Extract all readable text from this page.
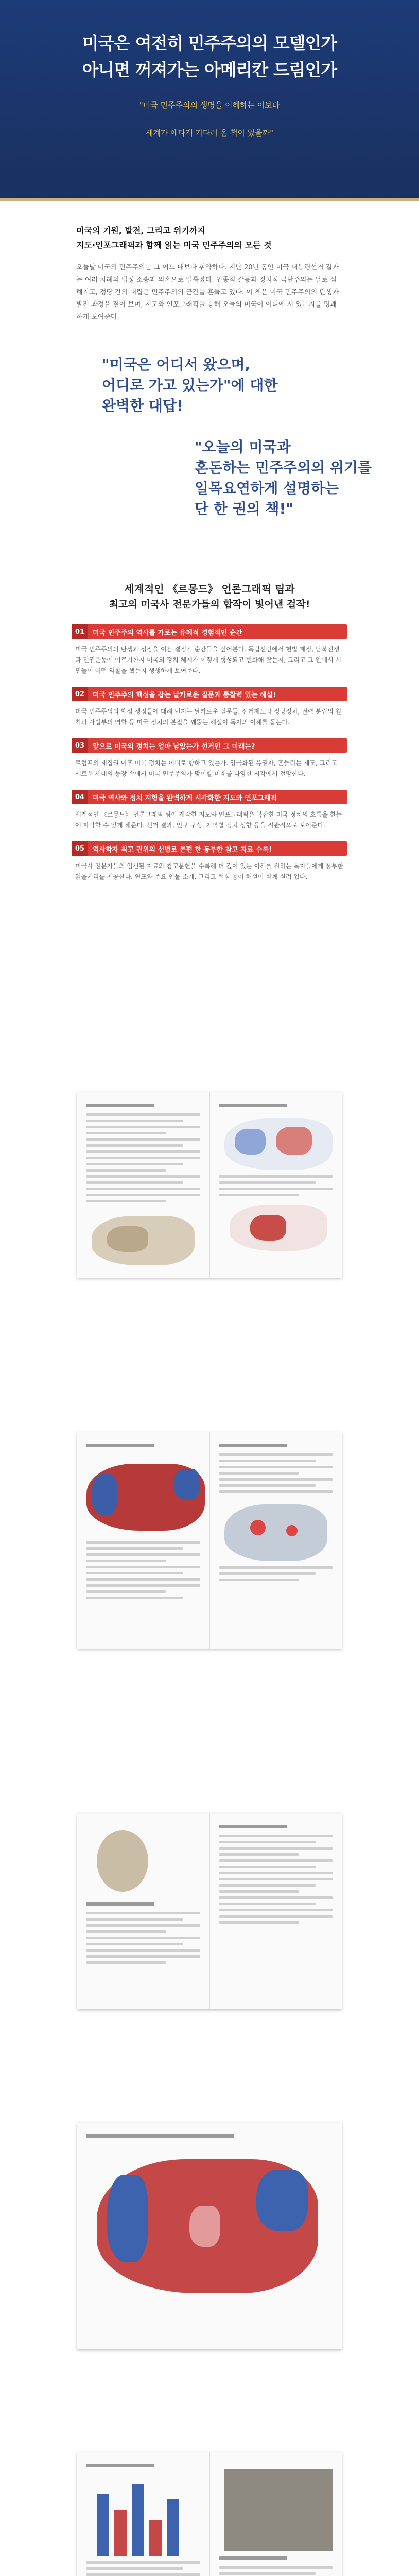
미국은 여전히 민주주의의 모델인가
아니면 꺼져가는 아메리칸 드림인가
"미국 민주주의의 생명을 이해하는 이보다
세계가 애타게 기다려 온 책이 있을까"
미국의 기원, 발전, 그리고 위기까지
지도·인포그래픽과 함께 읽는 미국 민주주의의 모든 것

오늘날 미국의 민주주의는 그 어느 때보다 취약하다. 지난 20년 동안 미국 대통령선거 결과는 여러 차례의 법정 소송과 의혹으로 얼룩졌다. 인종적 갈등과 정치적 극단주의는 날로 심해지고, 정당 간의 대립은 민주주의의 근간을 흔들고 있다. 이 책은 미국 민주주의의 탄생과 발전 과정을 짚어 보며, 지도와 인포그래픽을 통해 오늘의 미국이 어디에 서 있는지를 명쾌하게 보여준다.

"미국은 어디서 왔으며,
어디로 가고 있는가"에 대한
완벽한 대답!
"오늘의 미국과
혼돈하는 민주주의의 위기를
일목요연하게 설명하는
단 한 권의 책!"
세계적인 《르몽드》 언론그래픽 팀과
최고의 미국사 전문가들의 합작이 빛어낸 걸작!
01	미국 민주주의 역사를 가로는 유례적 경험적인 순간

미국 민주주의의 탄생과 성장을 이끈 결정적 순간들을 짚어본다. 독립선언에서 헌법 제정, 남북전쟁과 민권운동에 이르기까지 미국의 정치 체제가 어떻게 형성되고 변화해 왔는지, 그리고 그 안에서 시민들이 어떤 역할을 했는지 생생하게 보여준다.

02	미국 민주주의 핵심을 잡는 날카로운 질문과 통찰력 있는 해설!

미국 민주주의의 핵심 쟁점들에 대해 던지는 날카로운 질문들. 선거제도와 정당정치, 권력 분립의 원칙과 사법부의 역할 등 미국 정치의 본질을 꿰뚫는 해설이 독자의 이해를 돕는다.

03	앞으로 미국의 정치는 얼마 남았는가 선거인 그 미래는?

트럼프의 재집권 이후 미국 정치는 어디로 향하고 있는가. 양극화된 유권자, 흔들리는 제도, 그리고 새로운 세대의 등장 속에서 미국 민주주의가 맞이할 미래를 다양한 시각에서 전망한다.

04	미국 역사와 정치 지형을 완벽하게 시각화한 지도와 인포그래픽

세계적인 《르몽드》 언론그래픽 팀이 제작한 지도와 인포그래픽은 복잡한 미국 정치의 흐름을 한눈에 파악할 수 있게 해준다. 선거 결과, 인구 구성, 지역별 정치 성향 등을 직관적으로 보여준다.

05	역사학자 최고 권위의 선별로 본편 한 동부한 참고 자료 수록!

미국사 전문가들의 엄선된 자료와 참고문헌을 수록해 더 깊이 있는 이해를 원하는 독자들에게 풍부한 읽을거리를 제공한다. 연표와 주요 인물 소개, 그리고 핵심 용어 해설이 함께 실려 있다.
